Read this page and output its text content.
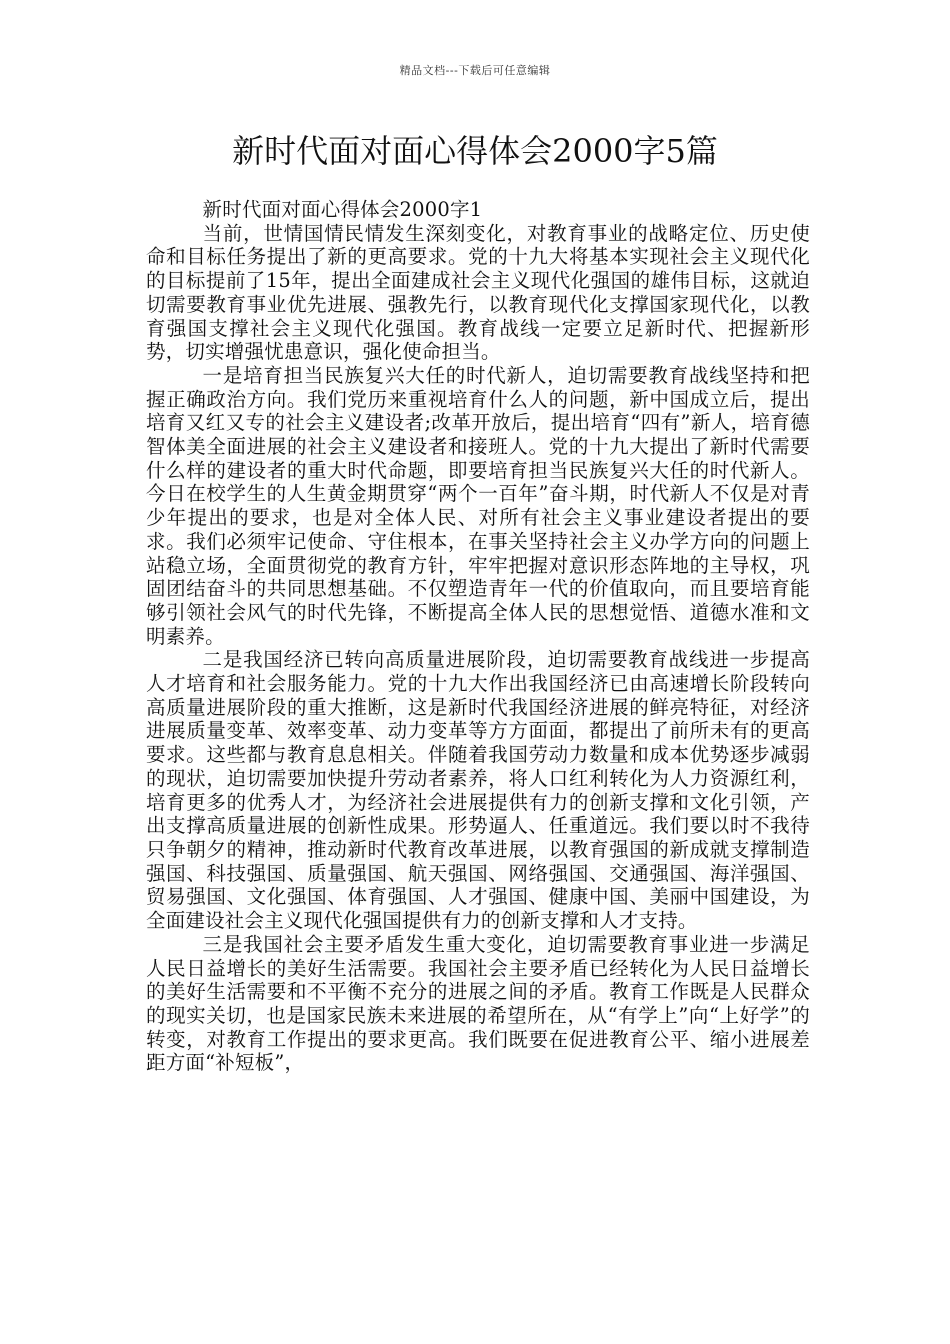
精品文档---下载后可任意编辑
新时代面对面心得体会2000字5篇

新时代面对面心得体会2000字1

当前，世情国情民情发生深刻变化，对教育事业的战略定位、历史使命和目标任务提出了新的更高要求。党的十九大将基本实现社会主义现代化的目标提前了15年，提出全面建成社会主义现代化强国的雄伟目标，这就迫切需要教育事业优先进展、强教先行，以教育现代化支撑国家现代化，以教育强国支撑社会主义现代化强国。教育战线一定要立足新时代、把握新形势，切实增强忧患意识，强化使命担当。

一是培育担当民族复兴大任的时代新人，迫切需要教育战线坚持和把握正确政治方向。我们党历来重视培育什么人的问题，新中国成立后，提出培育又红又专的社会主义建设者;改革开放后，提出培育“四有”新人，培育德智体美全面进展的社会主义建设者和接班人。党的十九大提出了新时代需要什么样的建设者的重大时代命题，即要培育担当民族复兴大任的时代新人。今日在校学生的人生黄金期贯穿“两个一百年”奋斗期，时代新人不仅是对青少年提出的要求，也是对全体人民、对所有社会主义事业建设者提出的要求。我们必须牢记使命、守住根本，在事关坚持社会主义办学方向的问题上站稳立场，全面贯彻党的教育方针，牢牢把握对意识形态阵地的主导权，巩固团结奋斗的共同思想基础。不仅塑造青年一代的价值取向，而且要培育能够引领社会风气的时代先锋，不断提高全体人民的思想觉悟、道德水准和文明素养。

二是我国经济已转向高质量进展阶段，迫切需要教育战线进一步提高人才培育和社会服务能力。党的十九大作出我国经济已由高速增长阶段转向高质量进展阶段的重大推断，这是新时代我国经济进展的鲜亮特征，对经济进展质量变革、效率变革、动力变革等方方面面，都提出了前所未有的更高要求。这些都与教育息息相关。伴随着我国劳动力数量和成本优势逐步减弱的现状，迫切需要加快提升劳动者素养，将人口红利转化为人力资源红利，培育更多的优秀人才，为经济社会进展提供有力的创新支撑和文化引领，产出支撑高质量进展的创新性成果。形势逼人、任重道远。我们要以时不我待只争朝夕的精神，推动新时代教育改革进展，以教育强国的新成就支撑制造强国、科技强国、质量强国、航天强国、网络强国、交通强国、海洋强国、贸易强国、文化强国、体育强国、人才强国、健康中国、美丽中国建设，为全面建设社会主义现代化强国提供有力的创新支撑和人才支持。

三是我国社会主要矛盾发生重大变化，迫切需要教育事业进一步满足人民日益增长的美好生活需要。我国社会主要矛盾已经转化为人民日益增长的美好生活需要和不平衡不充分的进展之间的矛盾。教育工作既是人民群众的现实关切，也是国家民族未来进展的希望所在，从“有学上”向“上好学”的转变，对教育工作提出的要求更高。我们既要在促进教育公平、缩小进展差距方面“补短板”，
